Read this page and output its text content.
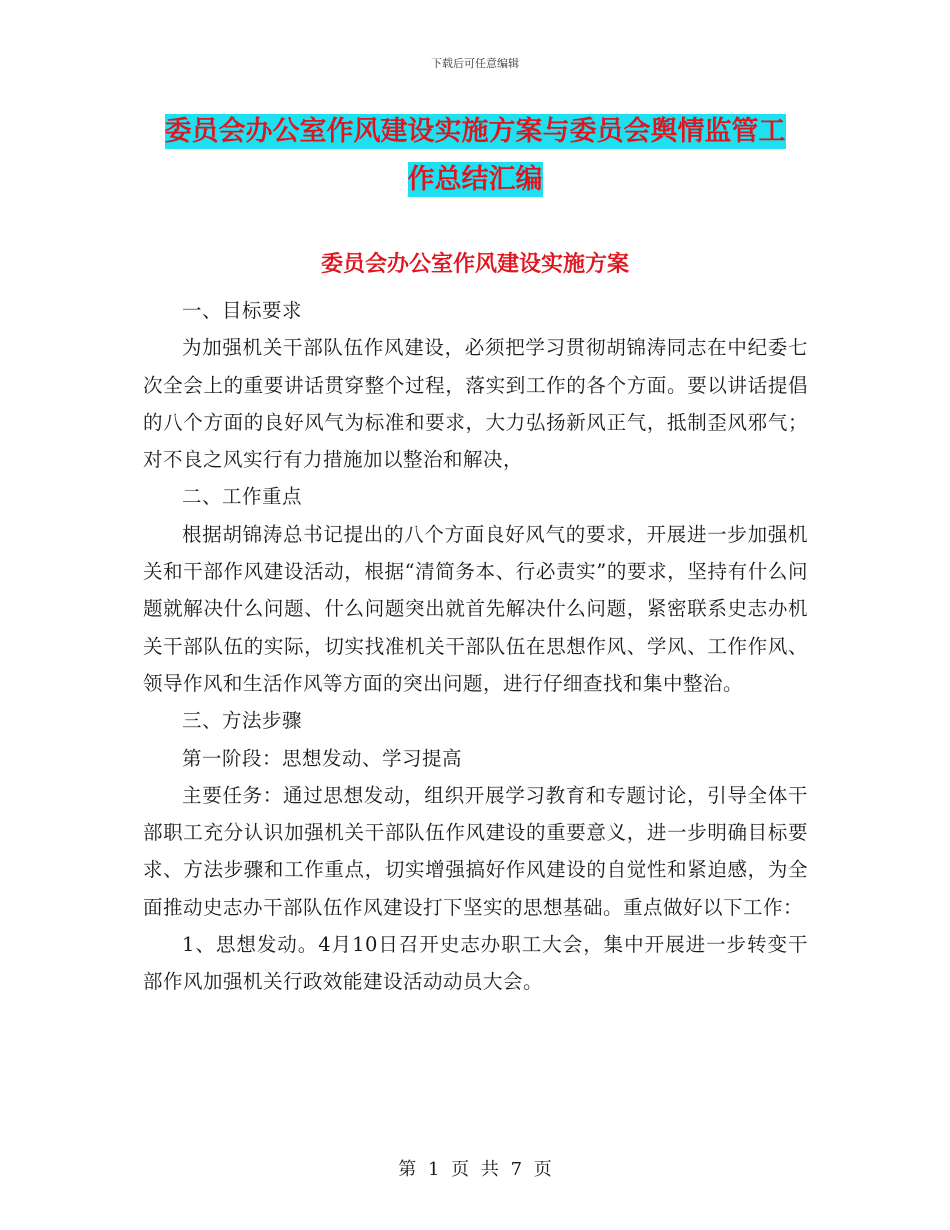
下载后可任意编辑
委员会办公室作风建设实施方案与委员会舆情监管工
作总结汇编
委员会办公室作风建设实施方案

一、目标要求

为加强机关干部队伍作风建设，必须把学习贯彻胡锦涛同志在中纪委七次全会上的重要讲话贯穿整个过程，落实到工作的各个方面。要以讲话提倡的八个方面的良好风气为标准和要求，大力弘扬新风正气，抵制歪风邪气；对不良之风实行有力措施加以整治和解决，

二、工作重点

根据胡锦涛总书记提出的八个方面良好风气的要求，开展进一步加强机关和干部作风建设活动，根据“清简务本、行必责实”的要求，坚持有什么问题就解决什么问题、什么问题突出就首先解决什么问题，紧密联系史志办机关干部队伍的实际，切实找准机关干部队伍在思想作风、学风、工作作风、领导作风和生活作风等方面的突出问题，进行仔细查找和集中整治。

三、方法步骤

第一阶段：思想发动、学习提高

主要任务：通过思想发动，组织开展学习教育和专题讨论，引导全体干部职工充分认识加强机关干部队伍作风建设的重要意义，进一步明确目标要求、方法步骤和工作重点，切实增强搞好作风建设的自觉性和紧迫感，为全面推动史志办干部队伍作风建设打下坚实的思想基础。重点做好以下工作：

1、思想发动。4月10日召开史志办职工大会，集中开展进一步转变干部作风加强机关行政效能建设活动动员大会。

第 1 页 共 7 页
